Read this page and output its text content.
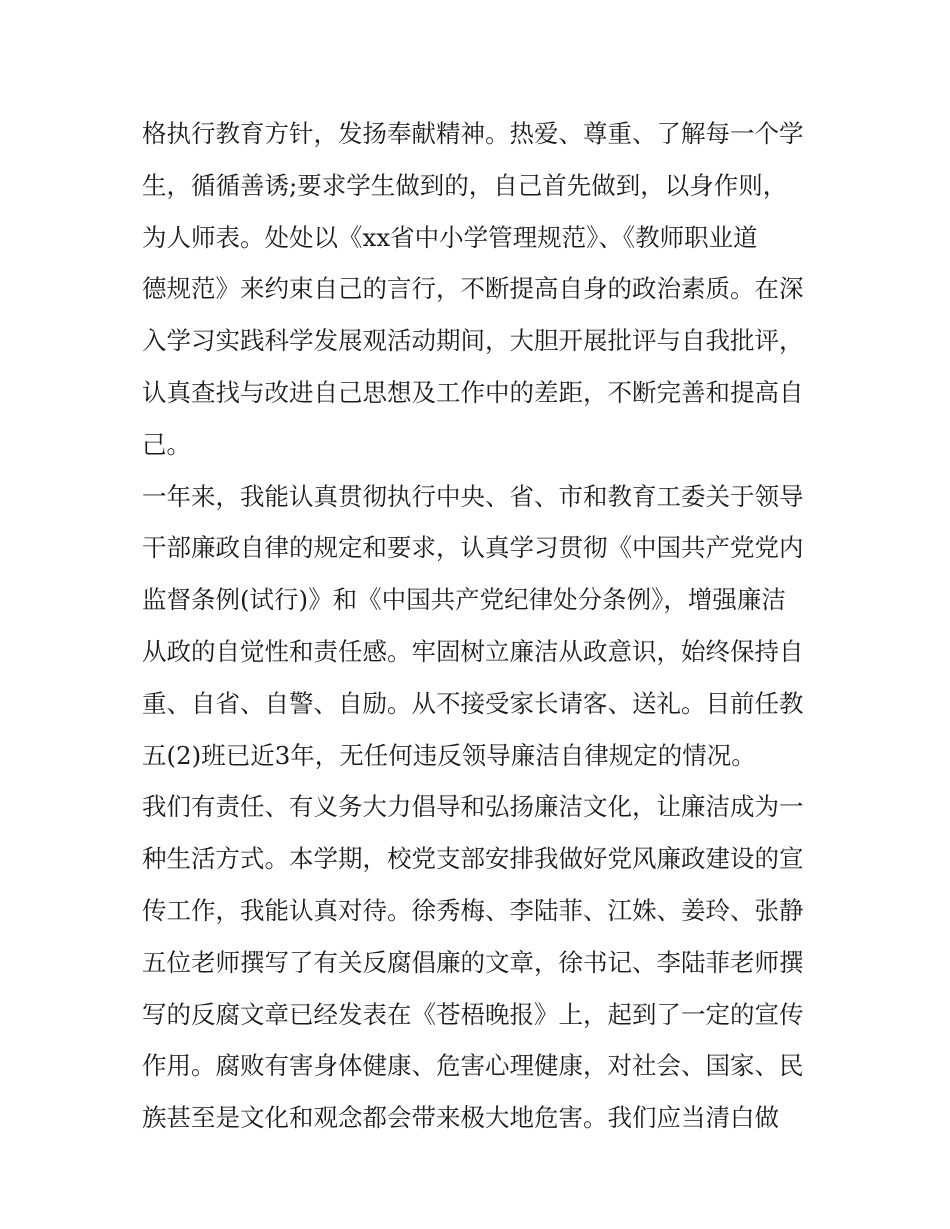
格执行教育方针，发扬奉献精神。热爱、尊重、了解每一个学
生，循循善诱;要求学生做到的，自己首先做到，以身作则，
为人师表。处处以《xx省中小学管理规范》、《教师职业道
德规范》来约束自己的言行，不断提高自身的政治素质。在深
入学习实践科学发展观活动期间，大胆开展批评与自我批评，
认真查找与改进自己思想及工作中的差距，不断完善和提高自
己。
一年来，我能认真贯彻执行中央、省、市和教育工委关于领导
干部廉政自律的规定和要求，认真学习贯彻《中国共产党党内
监督条例(试行)》和《中国共产党纪律处分条例》，增强廉洁
从政的自觉性和责任感。牢固树立廉洁从政意识，始终保持自
重、自省、自警、自励。从不接受家长请客、送礼。目前任教
五(2)班已近3年，无任何违反领导廉洁自律规定的情况。
我们有责任、有义务大力倡导和弘扬廉洁文化，让廉洁成为一
种生活方式。本学期，校党支部安排我做好党风廉政建设的宣
传工作，我能认真对待。徐秀梅、李陆菲、江姝、姜玲、张静
五位老师撰写了有关反腐倡廉的文章，徐书记、李陆菲老师撰
写的反腐文章已经发表在《苍梧晚报》上，起到了一定的宣传
作用。腐败有害身体健康、危害心理健康，对社会、国家、民
族甚至是文化和观念都会带来极大地危害。我们应当清白做
